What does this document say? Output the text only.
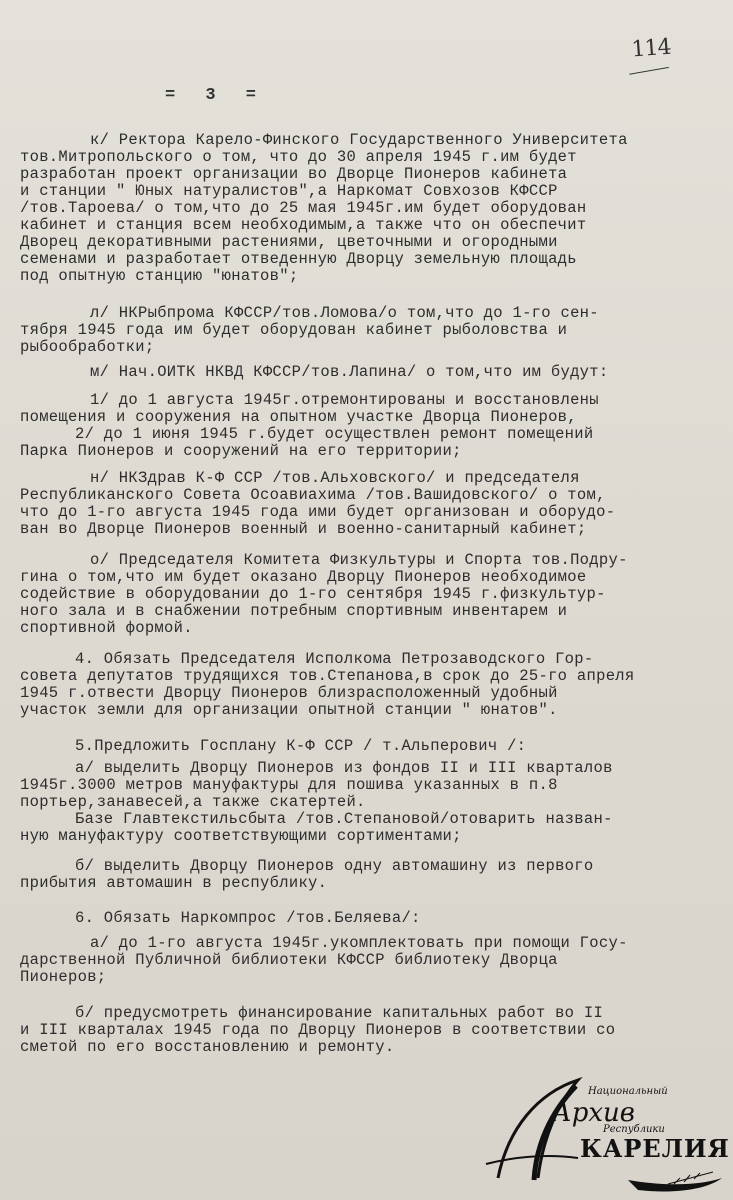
114
= 3 =
к/ Ректора Карело-Финского Государственного Университета
тов.Митропольского о том, что до 30 апреля 1945 г.им будет
разработан проект организации во Дворце Пионеров кабинета
и станции " Юных натуралистов",а Наркомат Совхозов КФССР
/тов.Тароева/ о том,что до 25 мая 1945г.им будет оборудован
кабинет и станция всем необходимым,а также что он обеспечит
Дворец декоративными растениями, цветочными и огородными
семенами и разработает отведенную Дворцу земельную площадь
под опытную станцию "юнатов";
л/ НКРыбпрома КФССР/тов.Ломова/о том,что до 1-го сен-
тября 1945 года им будет оборудован кабинет рыболовства и
рыбообработки;
м/ Нач.ОИТК НКВД КФССР/тов.Лапина/ о том,что им будут:
1/ до 1 августа 1945г.отремонтированы и восстановлены
помещения и сооружения на опытном участке Дворца Пионеров,
2/ до 1 июня 1945 г.будет осуществлен ремонт помещений
Парка Пионеров и сооружений на его территории;
н/ НКЗдрав К-Ф ССР /тов.Альховского/ и председателя
Республиканского Совета Осоавиахима /тов.Вашидовского/ о том,
что до 1-го августа 1945 года ими будет организован и оборудо-
ван во Дворце Пионеров военный и военно-санитарный кабинет;
о/ Председателя Комитета Физкультуры и Спорта тов.Подру-
гина о том,что им будет оказано Дворцу Пионеров необходимое
содействие в оборудовании до 1-го сентября 1945 г.физкультур-
ного зала и в снабжении потребным спортивным инвентарем и
спортивной формой.
4. Обязать Председателя Исполкома Петрозаводского Гор-
совета депутатов трудящихся тов.Степанова,в срок до 25-го апреля
1945 г.отвести Дворцу Пионеров близрасположенный удобный
участок земли для организации опытной станции " юнатов".
5.Предложить Госплану К-Ф ССР / т.Альперович /:
а/ выделить Дворцу Пионеров из фондов II и III кварталов
1945г.3000 метров мануфактуры для пошива указанных в п.8
портьер,занавесей,а также скатертей.
Базе Главтекстильсбыта /тов.Степановой/отоварить назван-
ную мануфактуру соответствующими сортиментами;
б/ выделить Дворцу Пионеров одну автомашину из первого
прибытия автомашин в республику.
6. Обязать Наркомпрос /тов.Беляева/:
а/ до 1-го августа 1945г.укомплектовать при помощи Госу-
дарственной Публичной библиотеки КФССР библиотеку Дворца
Пионеров;
б/ предусмотреть финансирование капитальных работ во II
и III кварталах 1945 года по Дворцу Пионеров в соответствии со
сметой по его восстановлению и ремонту.
Национальный
Архив
Республики
КАРЕЛИЯ
